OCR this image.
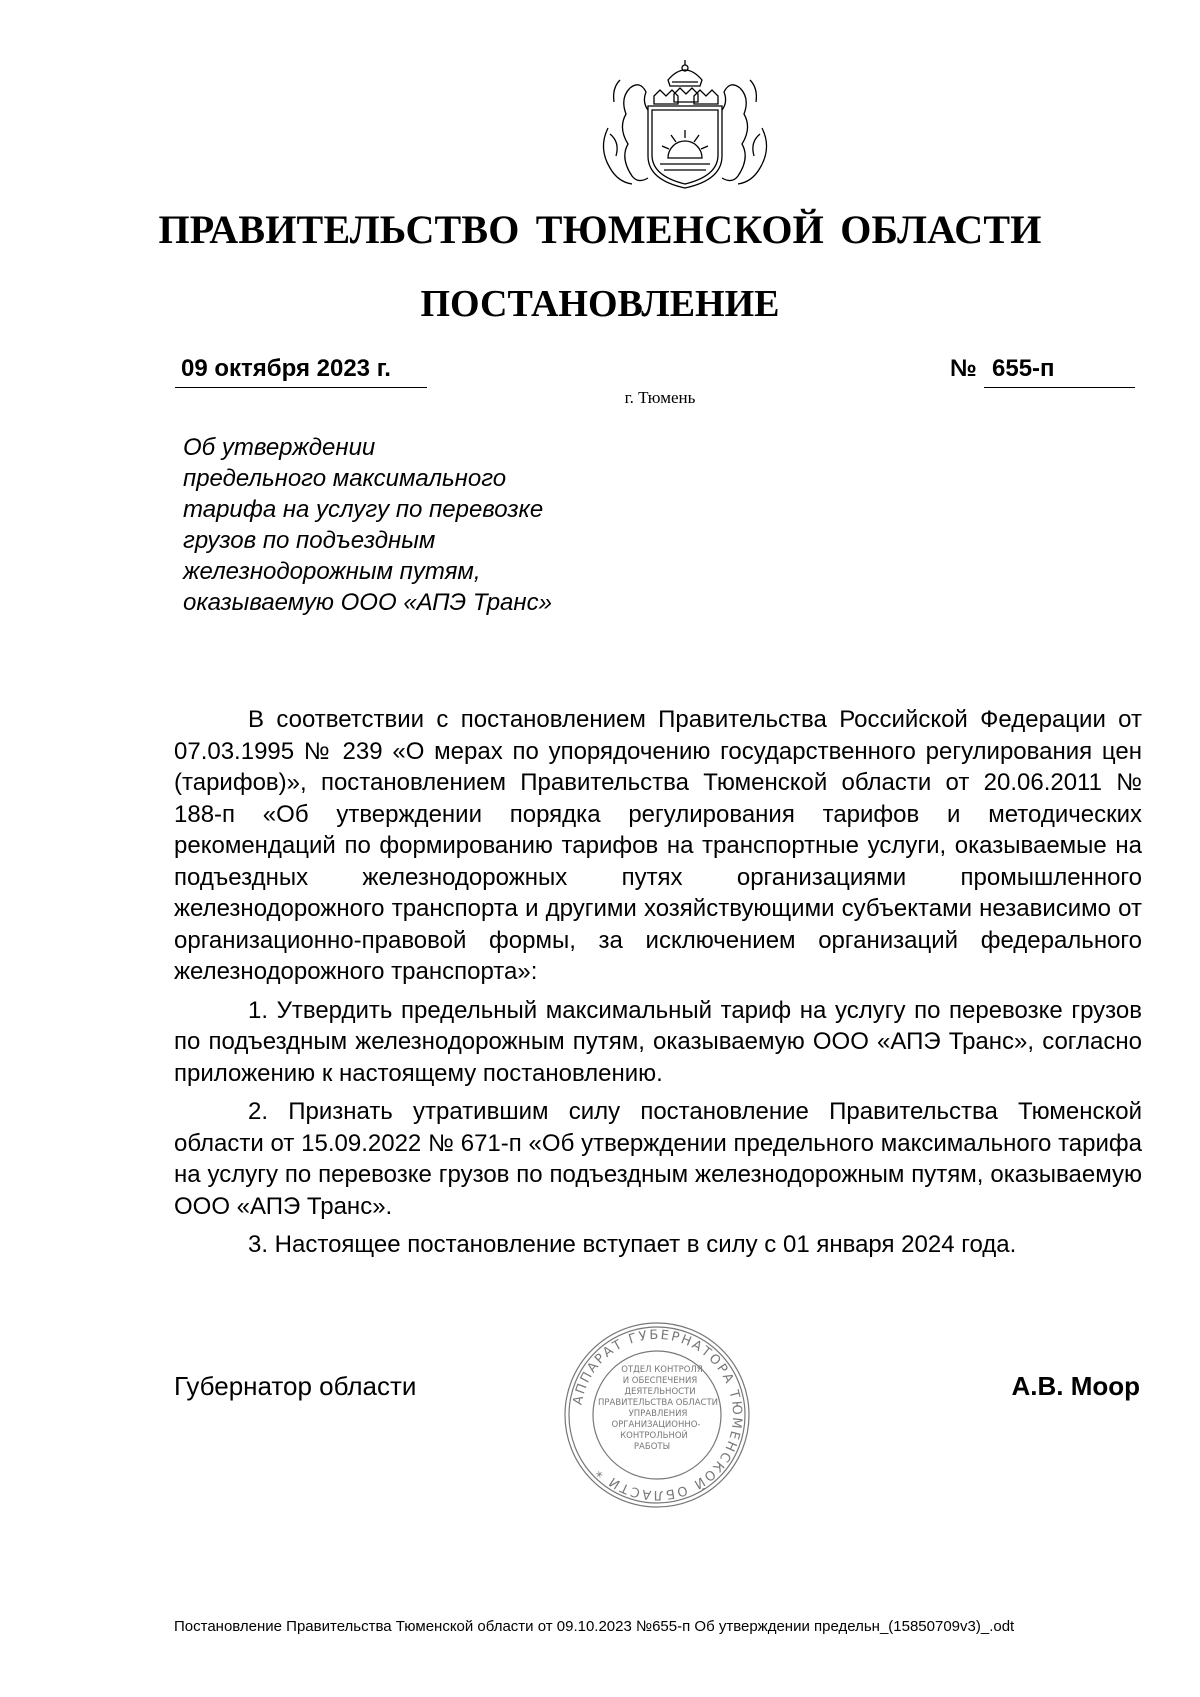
ПРАВИТЕЛЬСТВО ТЮМЕНСКОЙ ОБЛАСТИ
ПОСТАНОВЛЕНИЕ
09 октября 2023 г.	№ 655-п
г. Тюмень
Об утверждении
предельного максимального
тарифа на услугу по перевозке
грузов по подъездным
железнодорожным путям,
оказываемую ООО «АПЭ Транс»

В соответствии с постановлением Правительства Российской Федерации от 07.03.1995 № 239 «О мерах по упорядочению государственного регулирования цен (тарифов)», постановлением Правительства Тюменской области от 20.06.2011 № 188-п «Об утверждении порядка регулирования тарифов и методических рекомендаций по формированию тарифов на транспортные услуги, оказываемые на подъездных железнодорожных путях организациями промышленного железнодорожного транспорта и другими хозяйствующими субъектами независимо от организационно-правовой формы, за исключением организаций федерального железнодорожного транспорта»:

1. Утвердить предельный максимальный тариф на услугу по перевозке грузов по подъездным железнодорожным путям, оказываемую ООО «АПЭ Транс», согласно приложению к настоящему постановлению.

2. Признать утратившим силу постановление Правительства Тюменской области от 15.09.2022 № 671-п «Об утверждении предельного максимального тарифа на услугу по перевозке грузов по подъездным железнодорожным путям, оказываемую ООО «АПЭ Транс».

3. Настоящее постановление вступает в силу с 01 января 2024 года.

Губернатор области	АППАРАТ ГУБЕРНАТОРА ТЮМЕНСКОЙ ОБЛАСТИ *
ОТДЕЛ КОНТРОЛЯ
И ОБЕСПЕЧЕНИЯ
ДЕЯТЕЛЬНОСТИ
ПРАВИТЕЛЬСТВА ОБЛАСТИ
УПРАВЛЕНИЯ
ОРГАНИЗАЦИОННО-
КОНТРОЛЬНОЙ
РАБОТЫ
А.В. Моор
Постановление Правительства Тюменской области от 09.10.2023 №655-п Об утверждении предельн_(15850709v3)_.odt
